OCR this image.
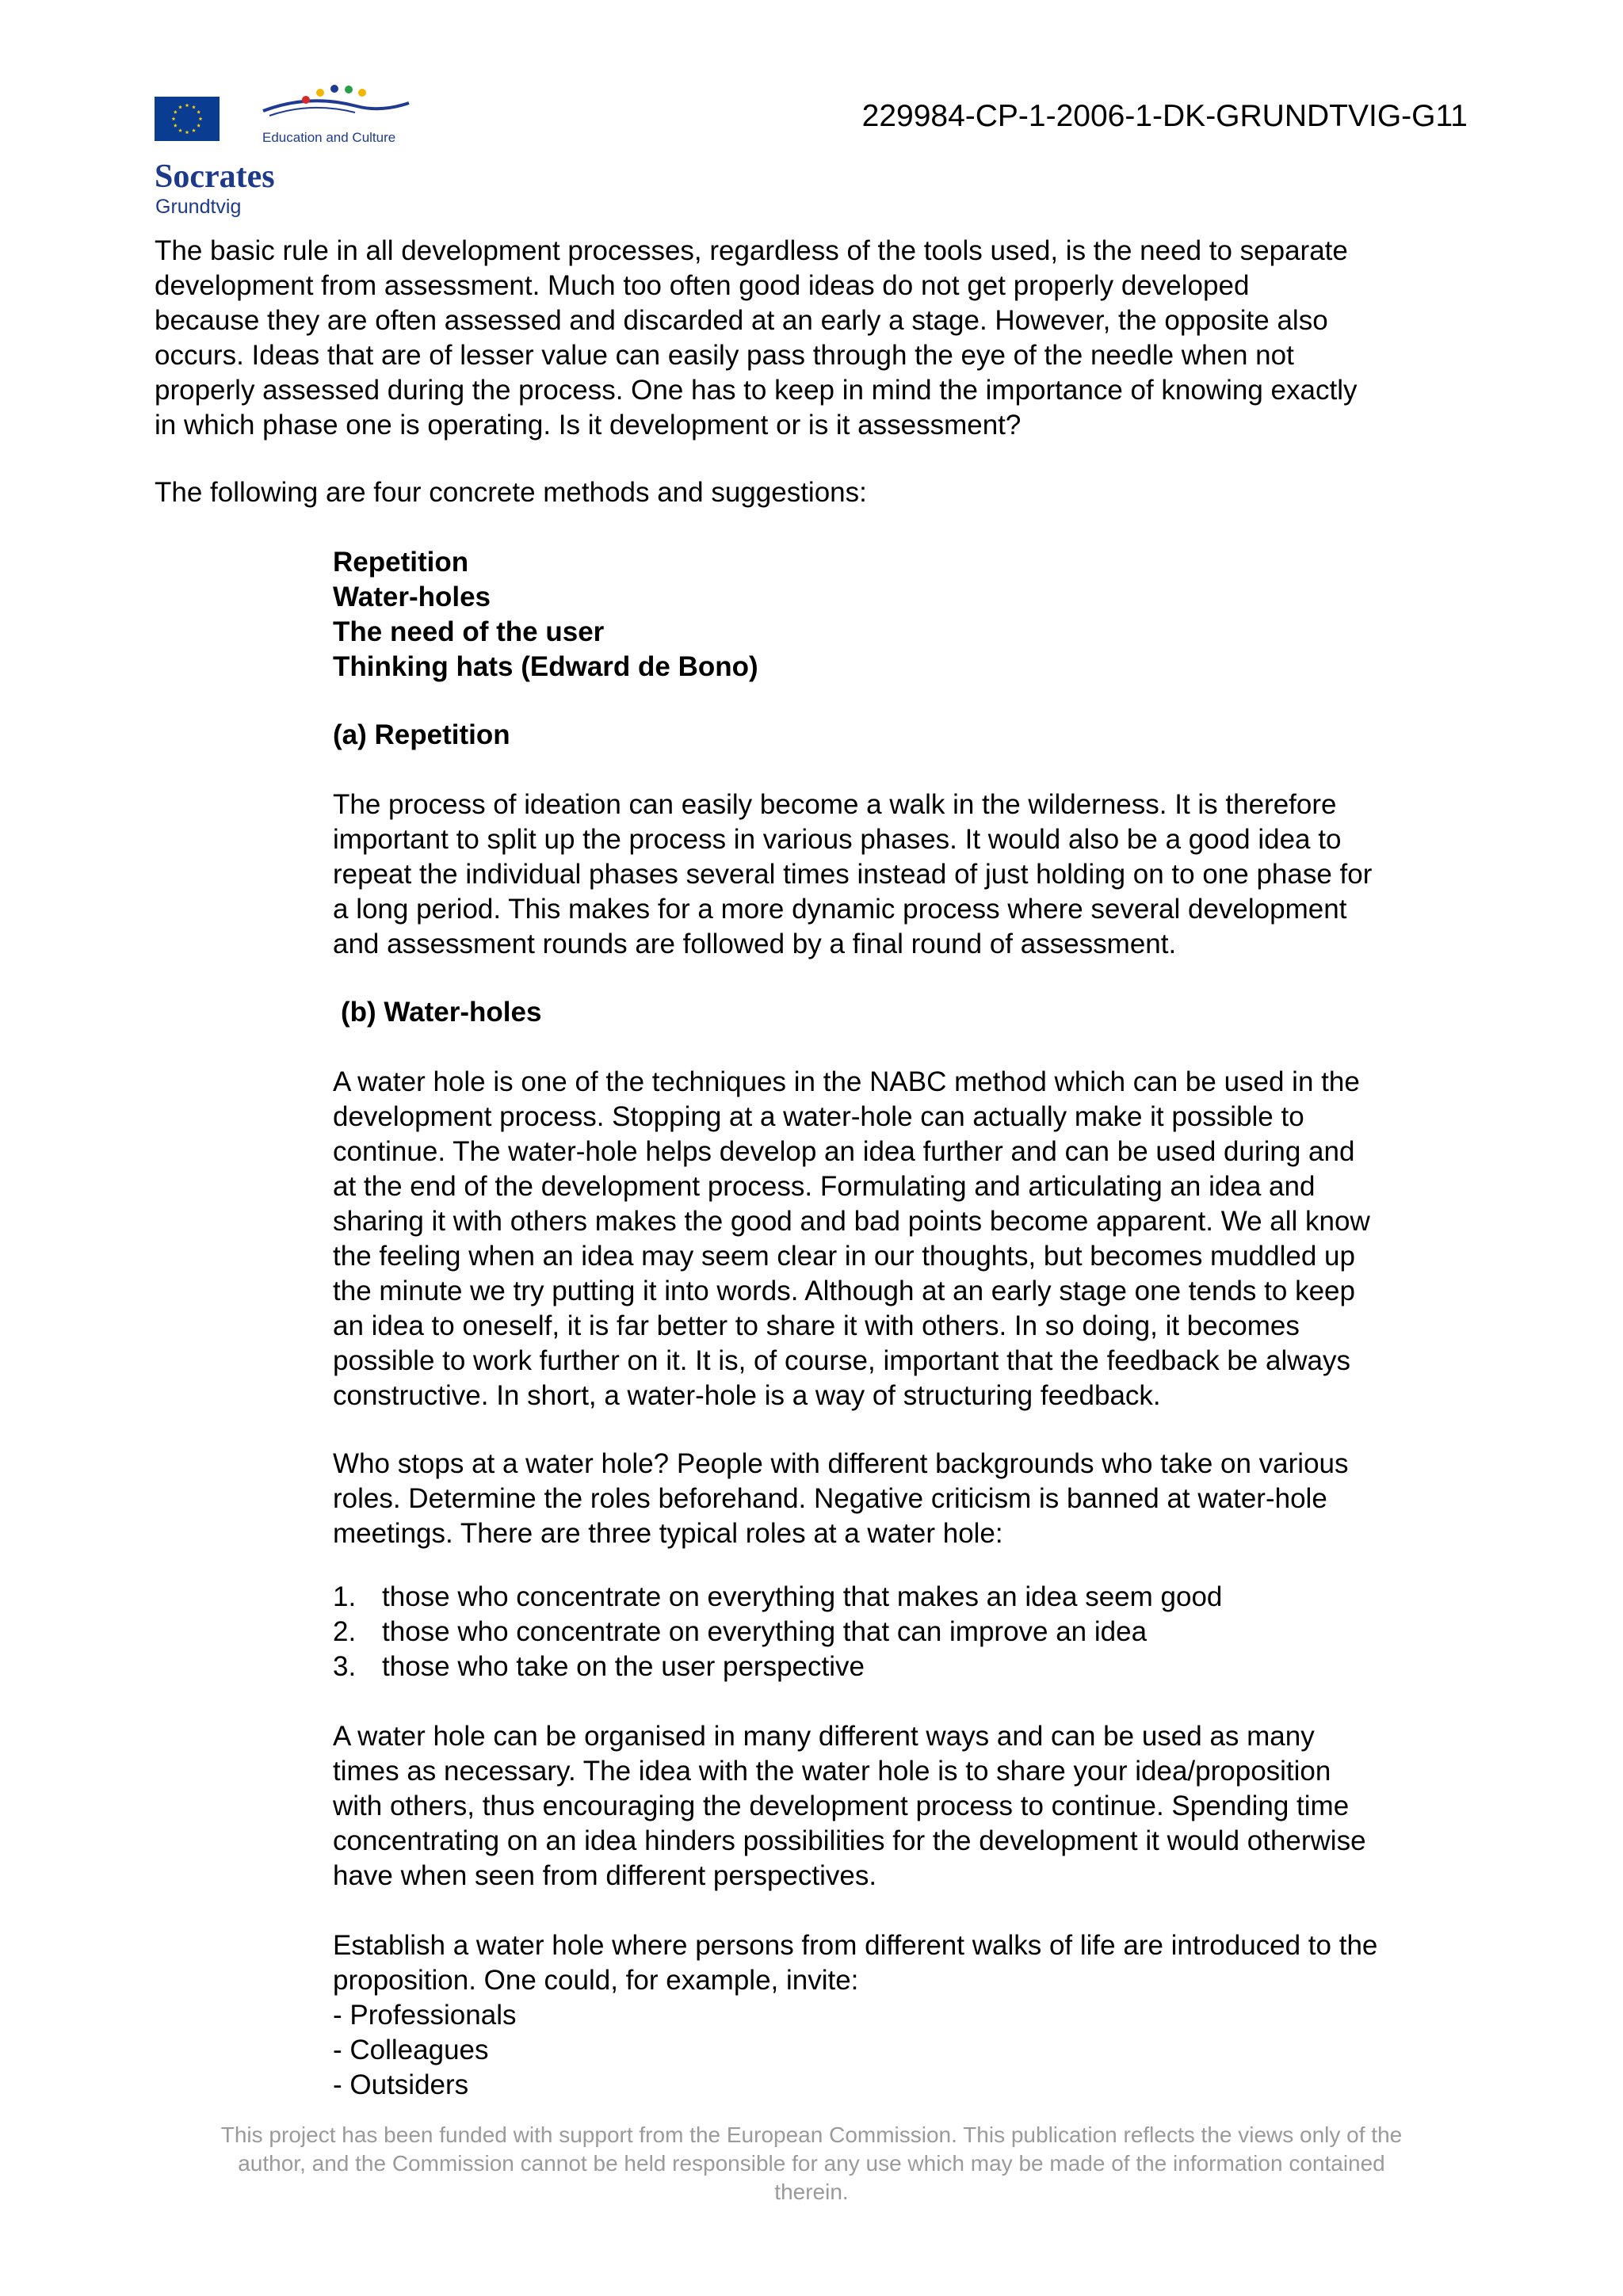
Education and Culture
Socrates
Grundtvig
229984-CP-1-2006-1-DK-GRUNDTVIG-G11
The basic rule in all development processes, regardless of the tools used, is the need to separate
development from assessment. Much too often good ideas do not get properly developed
because they are often assessed and discarded at an early a stage. However, the opposite also
occurs. Ideas that are of lesser value can easily pass through the eye of the needle when not
properly assessed during the process. One has to keep in mind the importance of knowing exactly
in which phase one is operating. Is it development or is it assessment?
The following are four concrete methods and suggestions:
Repetition
Water-holes
The need of the user
Thinking hats (Edward de Bono)
(a) Repetition
The process of ideation can easily become a walk in the wilderness. It is therefore
important to split up the process in various phases. It would also be a good idea to
repeat the individual phases several times instead of just holding on to one phase for
a long period. This makes for a more dynamic process where several development
and assessment rounds are followed by a final round of assessment.
(b) Water-holes
A water hole is one of the techniques in the NABC method which can be used in the
development process. Stopping at a water-hole can actually make it possible to
continue. The water-hole helps develop an idea further and can be used during and
at the end of the development process. Formulating and articulating an idea and
sharing it with others makes the good and bad points become apparent. We all know
the feeling when an idea may seem clear in our thoughts, but becomes muddled up
the minute we try putting it into words. Although at an early stage one tends to keep
an idea to oneself, it is far better to share it with others. In so doing, it becomes
possible to work further on it. It is, of course, important that the feedback be always
constructive. In short, a water-hole is a way of structuring feedback.
Who stops at a water hole? People with different backgrounds who take on various
roles. Determine the roles beforehand. Negative criticism is banned at water-hole
meetings. There are three typical roles at a water hole:
1. those who concentrate on everything that makes an idea seem good
2. those who concentrate on everything that can improve an idea
3. those who take on the user perspective
A water hole can be organised in many different ways and can be used as many
times as necessary. The idea with the water hole is to share your idea/proposition
with others, thus encouraging the development process to continue. Spending time
concentrating on an idea hinders possibilities for the development it would otherwise
have when seen from different perspectives.
Establish a water hole where persons from different walks of life are introduced to the
proposition. One could, for example, invite:
- Professionals
- Colleagues
- Outsiders
This project has been funded with support from the European Commission. This publication reflects the views only of the
author, and the Commission cannot be held responsible for any use which may be made of the information contained
therein.
